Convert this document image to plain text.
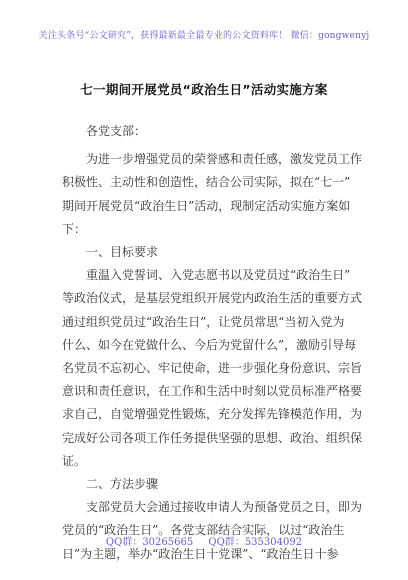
关注头条号“公文研究”，获得最新最全最专业的公文资料库！ 微信：gongwenyj
七一期间开展党员“政治生日”活动实施方案

各党支部：

为进一步增强党员的荣誉感和责任感，激发党员工作

积极性、主动性和创造性，结合公司实际，拟在“七一”

期间开展党员“政治生日”活动，现制定活动实施方案如

下：

一、目标要求

重温入党誓词、入党志愿书以及党员过“政治生日”

等政治仪式，是基层党组织开展党内政治生活的重要方式

通过组织党员过“政治生日”，让党员常思“当初入党为

什么、如今在党做什么、今后为党留什么”，激励引导每

名党员不忘初心、牢记使命，进一步强化身份意识、宗旨

意识和责任意识，在工作和生活中时刻以党员标准严格要

求自己，自觉增强党性锻炼，充分发挥先锋模范作用，为

完成好公司各项工作任务提供坚强的思想、政治、组织保

证。

二、方法步骤

支部党员大会通过接收申请人为预备党员之日，即为

党员的“政治生日”。各党支部结合实际，以过“政治生

日”为主题，举办“政治生日十党课”、“政治生日十参

QQ群：30265665 QQ群：535304092
